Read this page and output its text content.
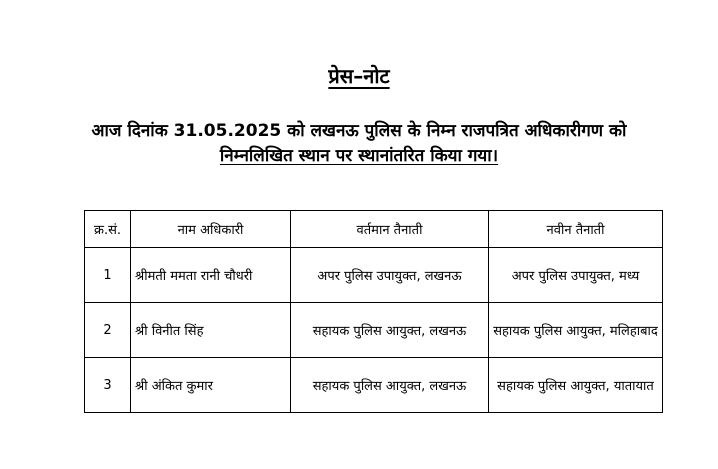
प्रेस–नोट
आज दिनांक 31.05.2025 को लखनऊ पुलिस के निम्न राजपत्रित अधिकारीगण को
निम्नलिखित स्थान पर स्थानांतरित किया गया।
क्र.सं.	नाम अधिकारी	वर्तमान तैनाती	नवीन तैनाती
1	श्रीमती ममता रानी चौधरी	अपर पुलिस उपायुक्त, लखनऊ	अपर पुलिस उपायुक्त, मध्य
2	श्री विनीत सिंह	सहायक पुलिस आयुक्त, लखनऊ	सहायक पुलिस आयुक्त, मलिहाबाद
3	श्री अंकित कुमार	सहायक पुलिस आयुक्त, लखनऊ	सहायक पुलिस आयुक्त, यातायात
